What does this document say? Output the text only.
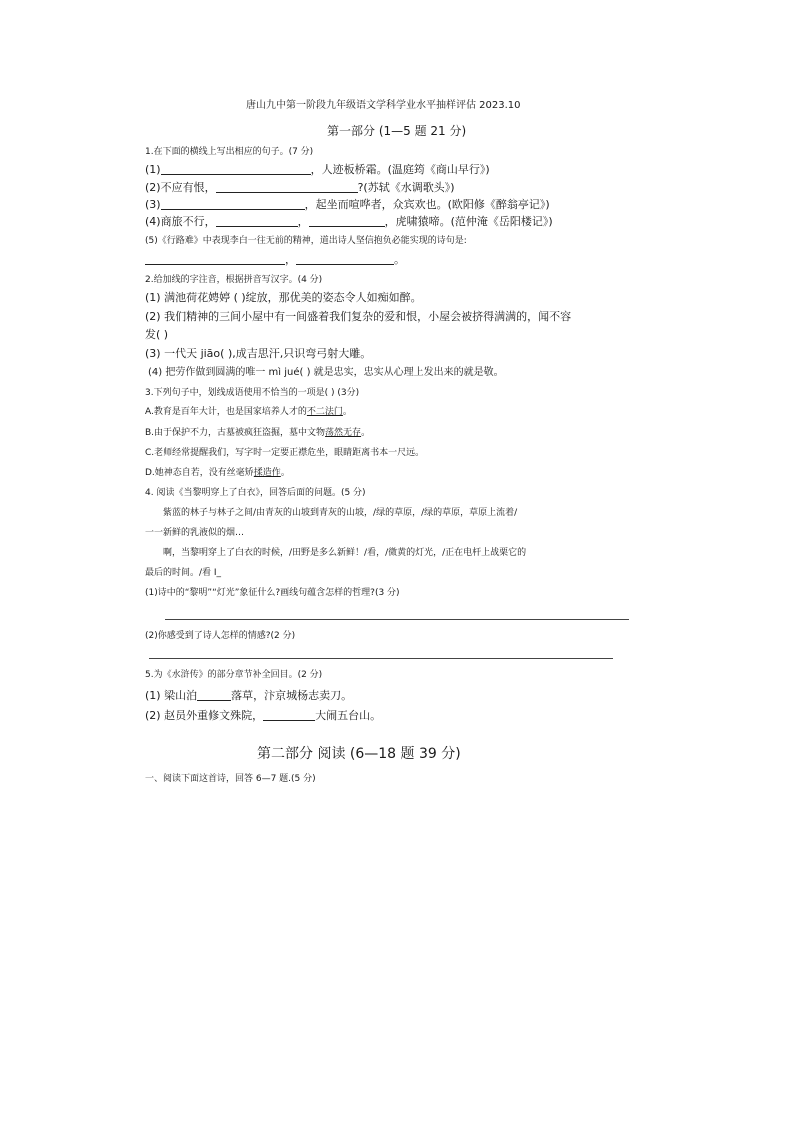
唐山九中第一阶段九年级语文学科学业水平抽样评估 2023.10
第一部分 (1—5 题 21 分)
1.在下面的横线上写出相应的句子。(7 分)
(1)	，人迹板桥霜。(温庭筠《商山早行》)
(2)不应有恨，	?(苏轼《水调歌头》)
(3)	，起坐而喧哗者，众宾欢也。(欧阳修《醉翁亭记》)
(4)商旅不行，	，	，虎啸猿啼。(范仲淹《岳阳楼记》)
(5)《行路难》中表现李白一往无前的精神，道出诗人坚信抱负必能实现的诗句是:
，	。
2.给加线的字注音，根据拼音写汉字。(4 分)
(1) 满池荷花娉婷 ( )绽放，那优美的姿态令人如痴如醉。
(2) 我们精神的三间小屋中有一间盛着我们复杂的爱和恨，小屋会被挤得满满的，闻不容
发( )
(3) 一代天 jiāo( ),成吉思汗,只识弯弓射大雕。
(4) 把劳作做到圆满的唯一 mì jué( ) 就是忠实，忠实从心理上发出来的就是敬。
3.下列句子中，划线成语使用不恰当的一项是( ) (3分)
A.教育是百年大计，也是国家培养人才的不二法门。
B.由于保护不力，古墓被疯狂盗掘，墓中文物荡然无存。
C.老师经常提醒我们，写字时一定要正襟危坐，眼睛距离书本一尺远。
D.她神态自若，没有丝毫矫揉造作。
4. 阅读《当黎明穿上了白衣》，回答后面的问题。(5 分)
紫蓝的林子与林子之间/由青灰的山坡到青灰的山坡，/绿的草原，/绿的草原，草原上流着/
一一新鲜的乳液似的烟…
啊，当黎明穿上了白衣的时候，/田野是多么新鲜！/看，/微黄的灯光，/正在电杆上战栗它的
最后的时间。/看 I_
(1)诗中的“黎明”“灯光”象征什么?画线句蕴含怎样的哲理?(3 分)
(2)你感受到了诗人怎样的情感?(2 分)
5.为《水浒传》的部分章节补全回目。(2 分)
(1) 梁山泊	落草，汴京城杨志卖刀。
(2) 赵员外重修文殊院，	大闹五台山。
第二部分 阅读 (6—18 题 39 分)
一、阅读下面这首诗，回答 6—7 题.(5 分)
